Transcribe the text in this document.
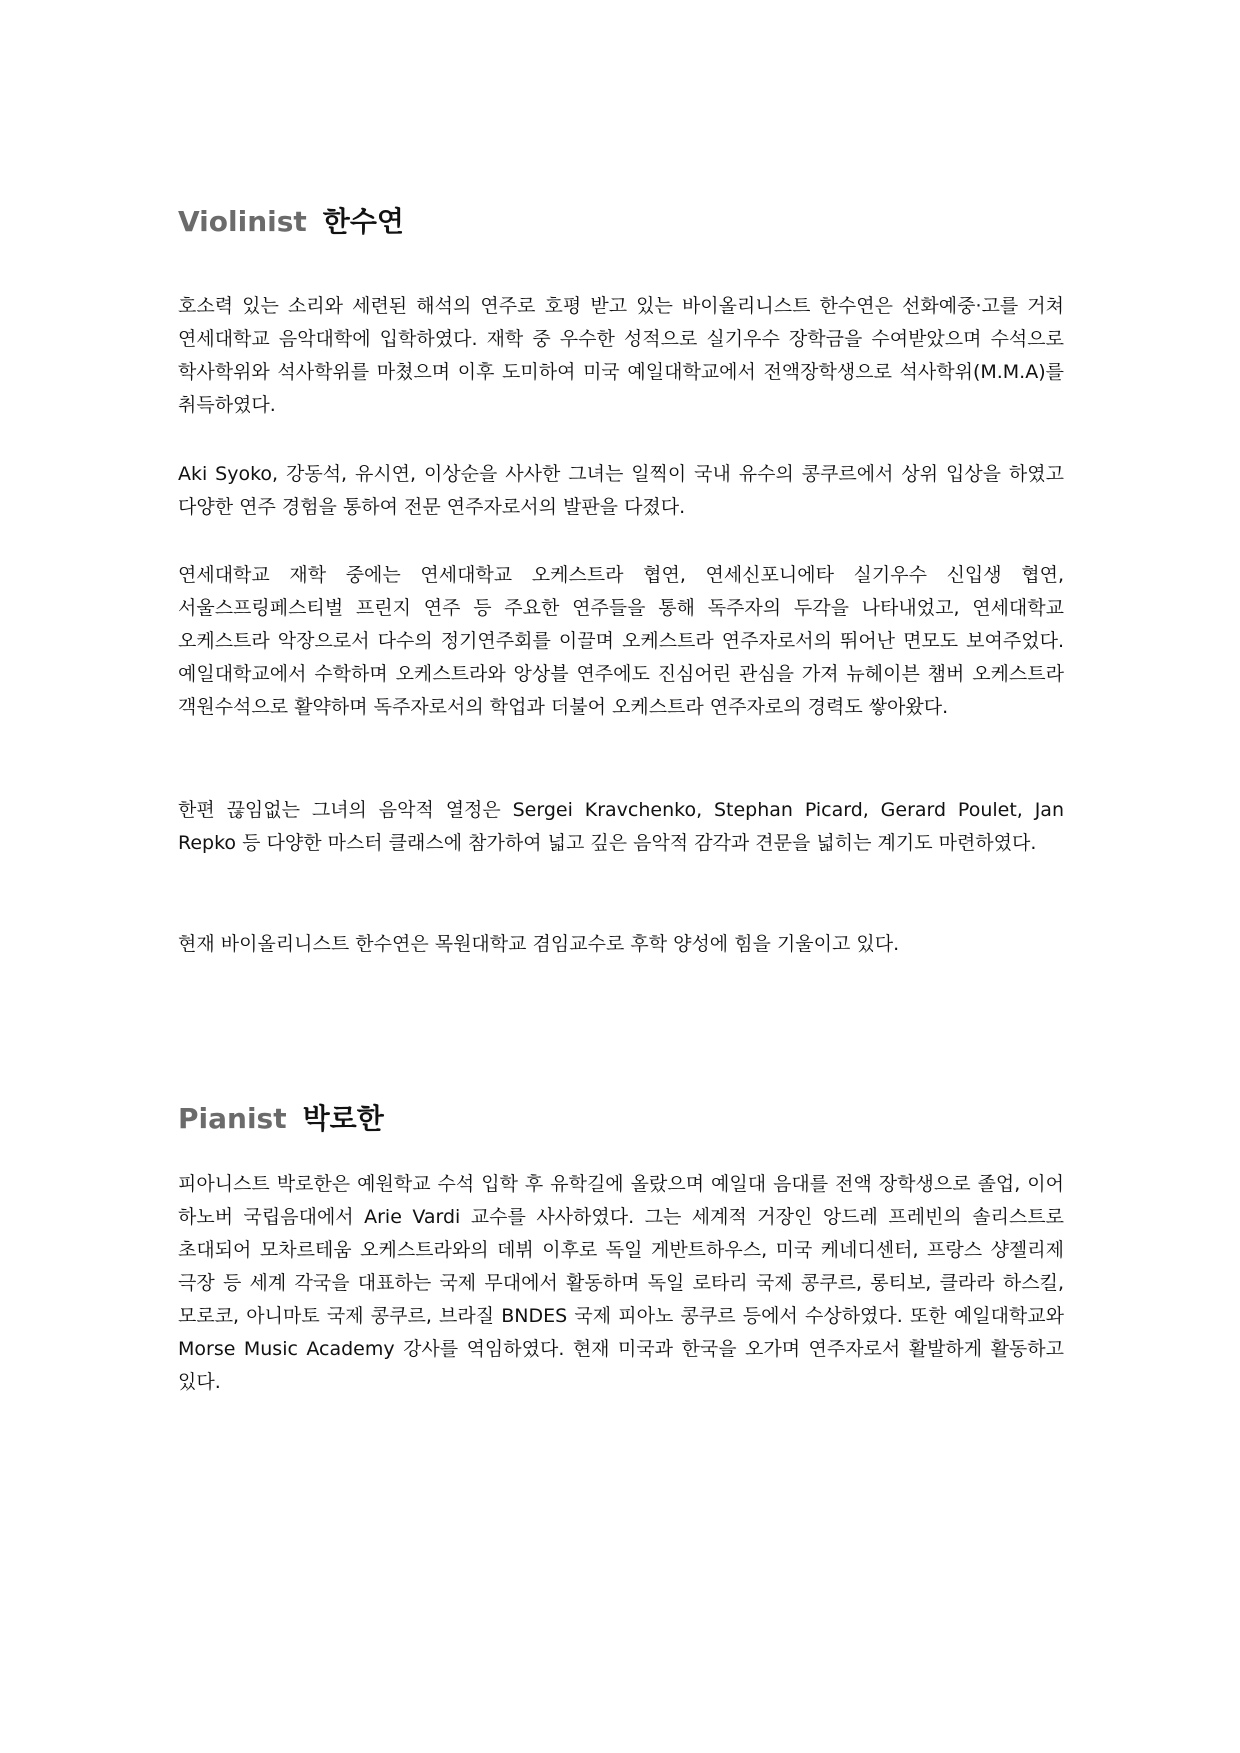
Violinist 한수연

호소력 있는 소리와 세련된 해석의 연주로 호평 받고 있는 바이올리니스트 한수연은 선화예중·고를 거쳐 연세대학교 음악대학에 입학하였다. 재학 중 우수한 성적으로 실기우수 장학금을 수여받았으며 수석으로 학사학위와 석사학위를 마쳤으며 이후 도미하여 미국 예일대학교에서 전액장학생으로 석사학위(M.M.A)를 취득하였다.

Aki Syoko, 강동석, 유시연, 이상순을 사사한 그녀는 일찍이 국내 유수의 콩쿠르에서 상위 입상을 하였고 다양한 연주 경험을 통하여 전문 연주자로서의 발판을 다졌다.

연세대학교 재학 중에는 연세대학교 오케스트라 협연, 연세신포니에타 실기우수 신입생 협연, 서울스프링페스티벌 프린지 연주 등 주요한 연주들을 통해 독주자의 두각을 나타내었고, 연세대학교 오케스트라 악장으로서 다수의 정기연주회를 이끌며 오케스트라 연주자로서의 뛰어난 면모도 보여주었다. 예일대학교에서 수학하며 오케스트라와 앙상블 연주에도 진심어린 관심을 가져 뉴헤이븐 챔버 오케스트라 객원수석으로 활약하며 독주자로서의 학업과 더불어 오케스트라 연주자로의 경력도 쌓아왔다.

한편 끊임없는 그녀의 음악적 열정은 Sergei Kravchenko, Stephan Picard, Gerard Poulet, Jan Repko 등 다양한 마스터 클래스에 참가하여 넓고 깊은 음악적 감각과 견문을 넓히는 계기도 마련하였다.

현재 바이올리니스트 한수연은 목원대학교 겸임교수로 후학 양성에 힘을 기울이고 있다.

Pianist 박로한

피아니스트 박로한은 예원학교 수석 입학 후 유학길에 올랐으며 예일대 음대를 전액 장학생으로 졸업, 이어 하노버 국립음대에서 Arie Vardi 교수를 사사하였다. 그는 세계적 거장인 앙드레 프레빈의 솔리스트로 초대되어 모차르테움 오케스트라와의 데뷔 이후로 독일 게반트하우스, 미국 케네디센터, 프랑스 샹젤리제 극장 등 세계 각국을 대표하는 국제 무대에서 활동하며 독일 로타리 국제 콩쿠르, 롱티보, 클라라 하스킬, 모로코, 아니마토 국제 콩쿠르, 브라질 BNDES 국제 피아노 콩쿠르 등에서 수상하였다. 또한 예일대학교와 Morse Music Academy 강사를 역임하였다. 현재 미국과 한국을 오가며 연주자로서 활발하게 활동하고 있다.
